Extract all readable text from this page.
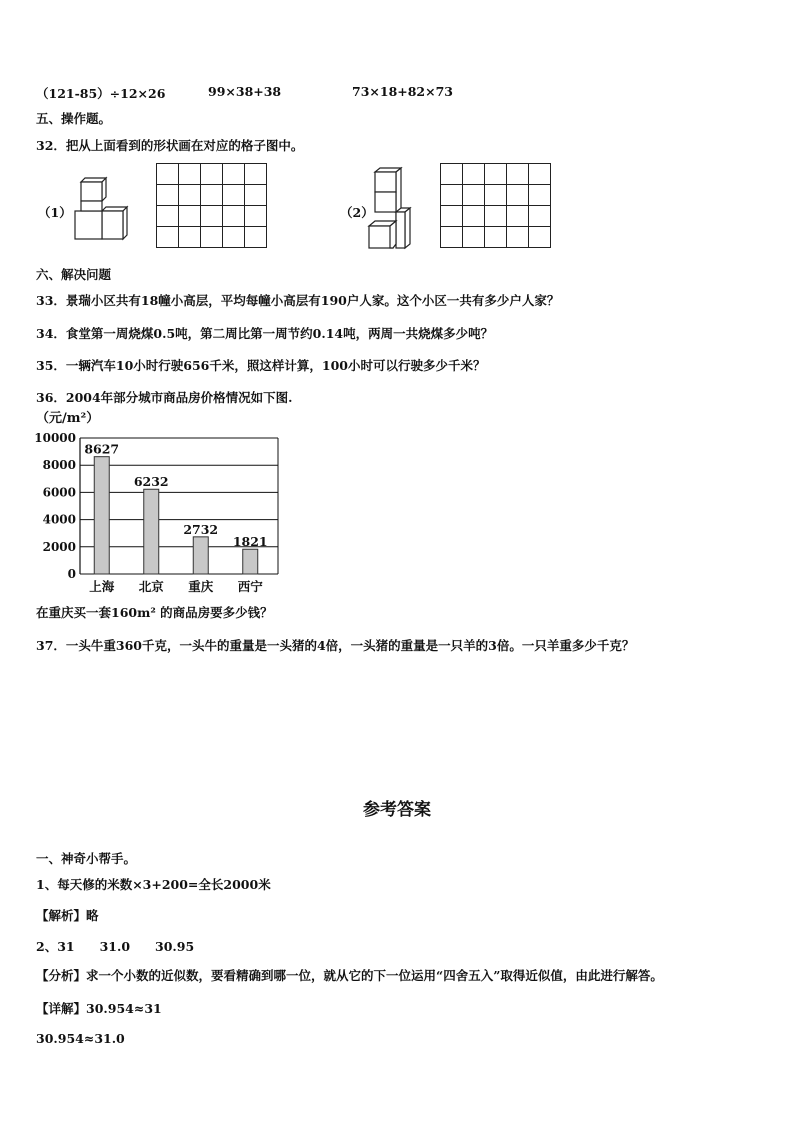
（121-85）÷12×26	99×38+38	73×18+82×73
五、操作题。
32．把从上面看到的形状画在对应的格子图中。
（1）

					（2）

六、解决问题
33．景瑞小区共有18幢小高层，平均每幢小高层有190户人家。这个小区一共有多少户人家？
34．食堂第一周烧煤0.5吨，第二周比第一周节约0.14吨，两周一共烧煤多少吨？
35．一辆汽车10小时行驶656千米，照这样计算，100小时可以行驶多少千米？
36．2004年部分城市商品房价格情况如下图.
（元/m²）
0
2000
4000
6000
8000
10000
8627
上海
6232
北京
2732
重庆
1821
西宁
在重庆买一套160m² 的商品房要多少钱？
37．一头牛重360千克，一头牛的重量是一头猪的4倍，一头猪的重量是一只羊的3倍。一只羊重多少千克？
参考答案
一、神奇小帮手。
1、每天修的米数×3+200=全长2000米
【解析】略
2、31　　31.0　　30.95
【分析】求一个小数的近似数，要看精确到哪一位，就从它的下一位运用“四舍五入”取得近似值，由此进行解答。
【详解】30.954≈31
30.954≈31.0
